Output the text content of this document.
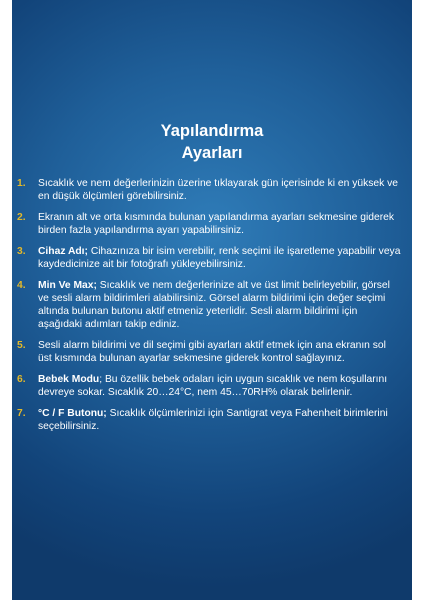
Yapılandırma
Ayarları
1. Sıcaklık ve nem değerlerinizin üzerine tıklayarak gün içerisinde ki en yüksek ve en düşük ölçümleri görebilirsiniz.
2. Ekranın alt ve orta kısmında bulunan yapılandırma ayarları sekmesine giderek birden fazla yapılandırma ayarı yapabilirsiniz.
3. Cihaz Adı; Cihazınıza bir isim verebilir, renk seçimi ile işaretleme yapabilir veya kaydedicinize ait bir fotoğrafı yükleyebilirsiniz.
4. Min Ve Max; Sıcaklık ve nem değerlerinize alt ve üst limit belirleyebilir, görsel ve sesli alarm bildirimleri alabilirsiniz. Görsel alarm bildirimi için değer seçimi altında bulunan butonu aktif etmeniz yeterlidir. Sesli alarm bildirimi için aşağıdaki adımları takip ediniz.
5. Sesli alarm bildirimi ve dil seçimi gibi ayarları aktif etmek için ana ekranın sol üst kısmında bulunan ayarlar sekmesine giderek kontrol sağlayınız.
6. Bebek Modu; Bu özellik bebek odaları için uygun sıcaklık ve nem koşullarını devreye sokar. Sıcaklık 20…24°C, nem 45…70RH% olarak belirlenir.
7. °C / F Butonu; Sıcaklık ölçümlerinizi için Santigrat veya Fahenheit birimlerini seçebilirsiniz.
